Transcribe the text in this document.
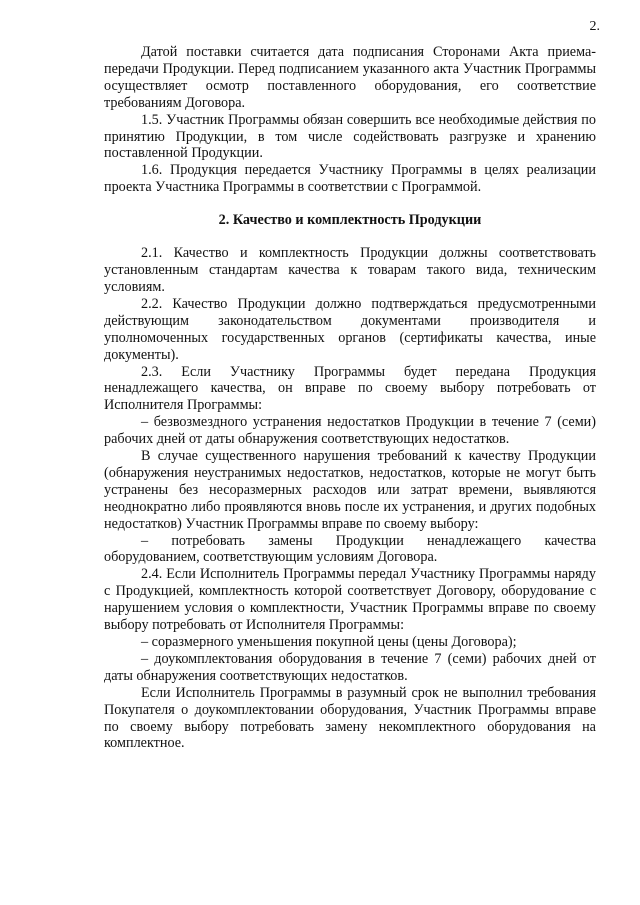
2.

Датой поставки считается дата подписания Сторонами Акта приема-передачи Продукции. Перед подписанием указанного акта Участник Программы осуществляет осмотр поставленного оборудования, его соответствие требованиям Договора.

1.5. Участник Программы обязан совершить все необходимые действия по принятию Продукции, в том числе содействовать разгрузке и хранению поставленной Продукции.

1.6. Продукция передается Участнику Программы в целях реализации проекта Участника Программы в соответствии с Программой.

2. Качество и комплектность Продукции

2.1. Качество и комплектность Продукции должны соответствовать установленным стандартам качества к товарам такого вида, техническим условиям.

2.2. Качество Продукции должно подтверждаться предусмотренными действующим законодательством документами производителя и уполномоченных государственных органов (сертификаты качества, иные документы).

2.3. Если Участнику Программы будет передана Продукция ненадлежащего качества, он вправе по своему выбору потребовать от Исполнителя Программы:

– безвозмездного устранения недостатков Продукции в течение 7 (семи) рабочих дней от даты обнаружения соответствующих недостатков.

В случае существенного нарушения требований к качеству Продукции (обнаружения неустранимых недостатков, недостатков, которые не могут быть устранены без несоразмерных расходов или затрат времени, выявляются неоднократно либо проявляются вновь после их устранения, и других подобных недостатков) Участник Программы вправе по своему выбору:

– потребовать замены Продукции ненадлежащего качества оборудованием, соответствующим условиям Договора.

2.4. Если Исполнитель Программы передал Участнику Программы наряду с Продукцией, комплектность которой соответствует Договору, оборудование с нарушением условия о комплектности, Участник Программы вправе по своему выбору потребовать от Исполнителя Программы:

– соразмерного уменьшения покупной цены (цены Договора);

– доукомплектования оборудования в течение 7 (семи) рабочих дней от даты обнаружения соответствующих недостатков.

Если Исполнитель Программы в разумный срок не выполнил требования Покупателя о доукомплектовании оборудования, Участник Программы вправе по своему выбору потребовать замену некомплектного оборудования на комплектное.
